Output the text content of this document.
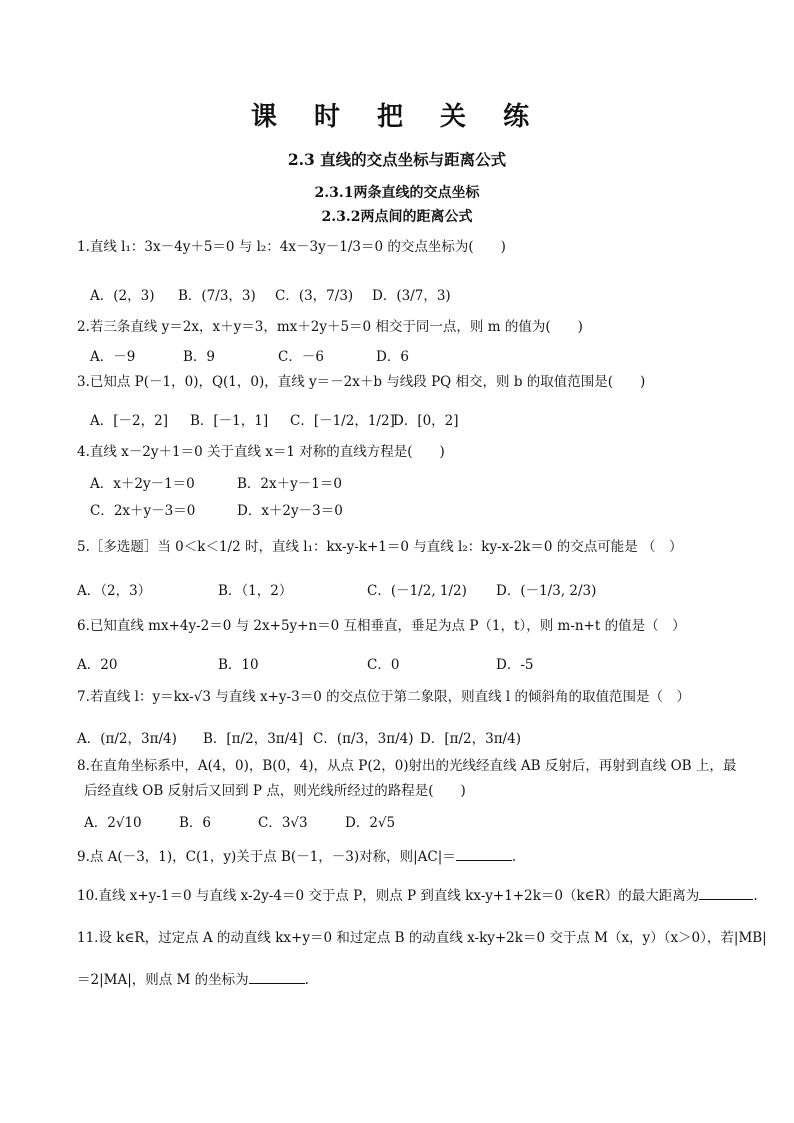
课 时 把 关 练
2.3 直线的交点坐标与距离公式
2.3.1两条直线的交点坐标
2.3.2两点间的距离公式
1.直线 l₁：3x－4y＋5＝0 与 l₂：4x－3y－1/3＝0 的交点坐标为(　　)
A．(2，3) B．(7/3，3) C．(3，7/3) D．(3/7，3)
2.若三条直线 y＝2x，x＋y＝3，mx＋2y＋5＝0 相交于同一点，则 m 的值为(　　)
A．－9	B．9	C．－6	D．6
3.已知点 P(－1，0)，Q(1，0)，直线 y＝－2x＋b 与线段 PQ 相交，则 b 的取值范围是(　　)
A．[－2，2] B．[－1，1] C．[－1/2，1/2]
D．[0，2]
4.直线 x－2y＋1＝0 关于直线 x＝1 对称的直线方程是(　　)
A．x＋2y－1＝0	B．2x＋y－1＝0
C．2x＋y－3＝0	D．x＋2y－3＝0
5.［多选题］当 0＜k＜1/2 时，直线 l₁：kx-y-k+1＝0 与直线 l₂：ky-x-2k＝0 的交点可能是 （　）
A．（2，3）	B．（1，2）	C．(－1/2, 1/2) D．(－1/3, 2/3)
6.已知直线 mx+4y-2＝0 与 2x+5y+n＝0 互相垂直，垂足为点 P（1，t），则 m-n+t 的值是（　）
A．20	B．10	C．0	D．-5
7.若直线 l：y＝kx-√3 与直线 x+y-3＝0 的交点位于第二象限，则直线 l 的倾斜角的取值范围是（　）
A．(π/2，3π/4) B．[π/2，3π/4] C．(π/3，3π/4) D．[π/2，3π/4)
8.在直角坐标系中，A(4，0)，B(0，4)，从点 P(2，0)射出的光线经直线 AB 反射后，再射到直线 OB 上，最
后经直线 OB 反射后又回到 P 点，则光线所经过的路程是(　　)
A．2√10	B．6	C．3√3	D．2√5
9.点 A(－3，1)，C(1，y)关于点 B(－1，－3)对称，则|AC|＝	.
10.直线 x+y-1＝0 与直线 x-2y-4＝0 交于点 P，则点 P 到直线 kx-y+1+2k＝0（k∈R）的最大距离为	.
11.设 k∈R，过定点 A 的动直线 kx+y＝0 和过定点 B 的动直线 x-ky+2k＝0 交于点 M（x，y）（x＞0），若|MB|
＝2|MA|，则点 M 的坐标为	.
